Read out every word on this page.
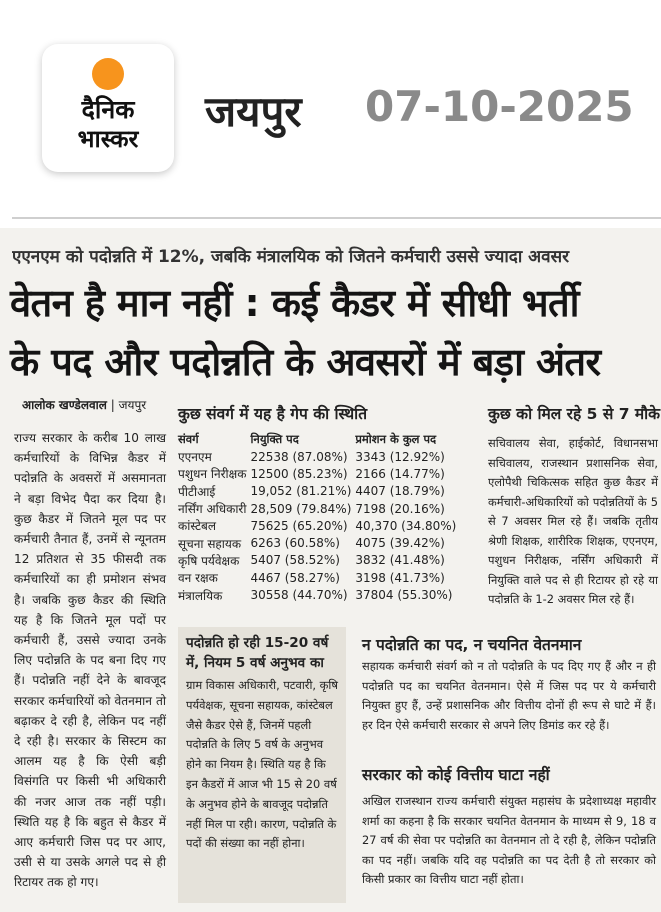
दैनिक
भास्कर
जयपुर 07-10-2025
एएनएम को पदोन्नति में 12%, जबकि मंत्रालयिक को जितने कर्मचारी उससे ज्यादा अवसर
वेतन है मान नहीं : कई कैडर में सीधी भर्ती
के पद और पदोन्नति के अवसरों में बड़ा अंतर
आलोक खण्डेलवाल | जयपुर
राज्य सरकार के करीब 10 लाख कर्मचारियों के विभिन्न कैडर में पदोन्नति के अवसरों में असमानता ने बड़ा विभेद पैदा कर दिया है। कुछ कैडर में जितने मूल पद पर कर्मचारी तैनात हैं, उनमें से न्यूनतम 12 प्रतिशत से 35 फीसदी तक कर्मचारियों का ही प्रमोशन संभव है। जबकि कुछ कैडर की स्थिति यह है कि जितने मूल पदों पर कर्मचारी हैं, उससे ज्यादा उनके लिए पदोन्नति के पद बना दिए गए हैं। पदोन्नति नहीं देने के बावजूद सरकार कर्मचारियों को वेतनमान तो बढ़ाकर दे रही है, लेकिन पद नहीं दे रही है। सरकार के सिस्टम का आलम यह है कि ऐसी बड़ी विसंगति पर किसी भी अधिकारी की नजर आज तक नहीं पड़ी। स्थिति यह है कि बहुत से कैडर में आए कर्मचारी जिस पद पर आए, उसी से या उसके अगले पद से ही रिटायर तक हो गए।
कुछ संवर्ग में यह है गेप की स्थिति
संवर्ग	नियुक्ति पद	प्रमोशन के कुल पद
एएनएम	22538 (87.08%)	3343 (12.92%)
पशुधन निरीक्षक	12500 (85.23%)	2166 (14.77%)
पीटीआई	19,052 (81.21%)	4407 (18.79%)
नर्सिंग अधिकारी	28,509 (79.84%)	7198 (20.16%)
कांस्टेबल	75625 (65.20%)	40,370 (34.80%)
सूचना सहायक	6263 (60.58%)	4075 (39.42%)
कृषि पर्यवेक्षक	5407 (58.52%)	3832 (41.48%)
वन रक्षक	4467 (58.27%)	3198 (41.73%)
मंत्रालयिक	30558 (44.70%)	37804 (55.30%)
कुछ को मिल रहे 5 से 7 मौके
सचिवालय सेवा, हाईकोर्ट, विधानसभा सचिवालय, राजस्थान प्रशासनिक सेवा, एलोपैथी चिकित्सक सहित कुछ कैडर में कर्मचारी-अधिकारियों को पदोन्नतियों के 5 से 7 अवसर मिल रहे हैं। जबकि तृतीय श्रेणी शिक्षक, शारीरिक शिक्षक, एएनएम, पशुधन निरीक्षक, नर्सिंग अधिकारी में नियुक्ति वाले पद से ही रिटायर हो रहे या पदोन्नति के 1-2 अवसर मिल रहे हैं।
पदोन्नति हो रही 15-20 वर्ष में, नियम 5 वर्ष अनुभव का
ग्राम विकास अधिकारी, पटवारी, कृषि पर्यवेक्षक, सूचना सहायक, कांस्टेबल जैसे कैडर ऐसे हैं, जिनमें पहली पदोन्नति के लिए 5 वर्ष के अनुभव होने का नियम है। स्थिति यह है कि इन कैडरों में आज भी 15 से 20 वर्ष के अनुभव होने के बावजूद पदोन्नति नहीं मिल पा रही। कारण, पदोन्नति के पदों की संख्या का नहीं होना।
न पदोन्नति का पद, न चयनित वेतनमान
सहायक कर्मचारी संवर्ग को न तो पदोन्नति के पद दिए गए हैं और न ही पदोन्नति पद का चयनित वेतनमान। ऐसे में जिस पद पर ये कर्मचारी नियुक्त हुए हैं, उन्हें प्रशासनिक और वित्तीय दोनों ही रूप से घाटे में हैं। हर दिन ऐसे कर्मचारी सरकार से अपने लिए डिमांड कर रहे हैं।
सरकार को कोई वित्तीय घाटा नहीं
अखिल राजस्थान राज्य कर्मचारी संयुक्त महासंघ के प्रदेशाध्यक्ष महावीर शर्मा का कहना है कि सरकार चयनित वेतनमान के माध्यम से 9, 18 व 27 वर्ष की सेवा पर पदोन्नति का वेतनमान तो दे रही है, लेकिन पदोन्नति का पद नहीं। जबकि यदि वह पदोन्नति का पद देती है तो सरकार को किसी प्रकार का वित्तीय घाटा नहीं होता।
